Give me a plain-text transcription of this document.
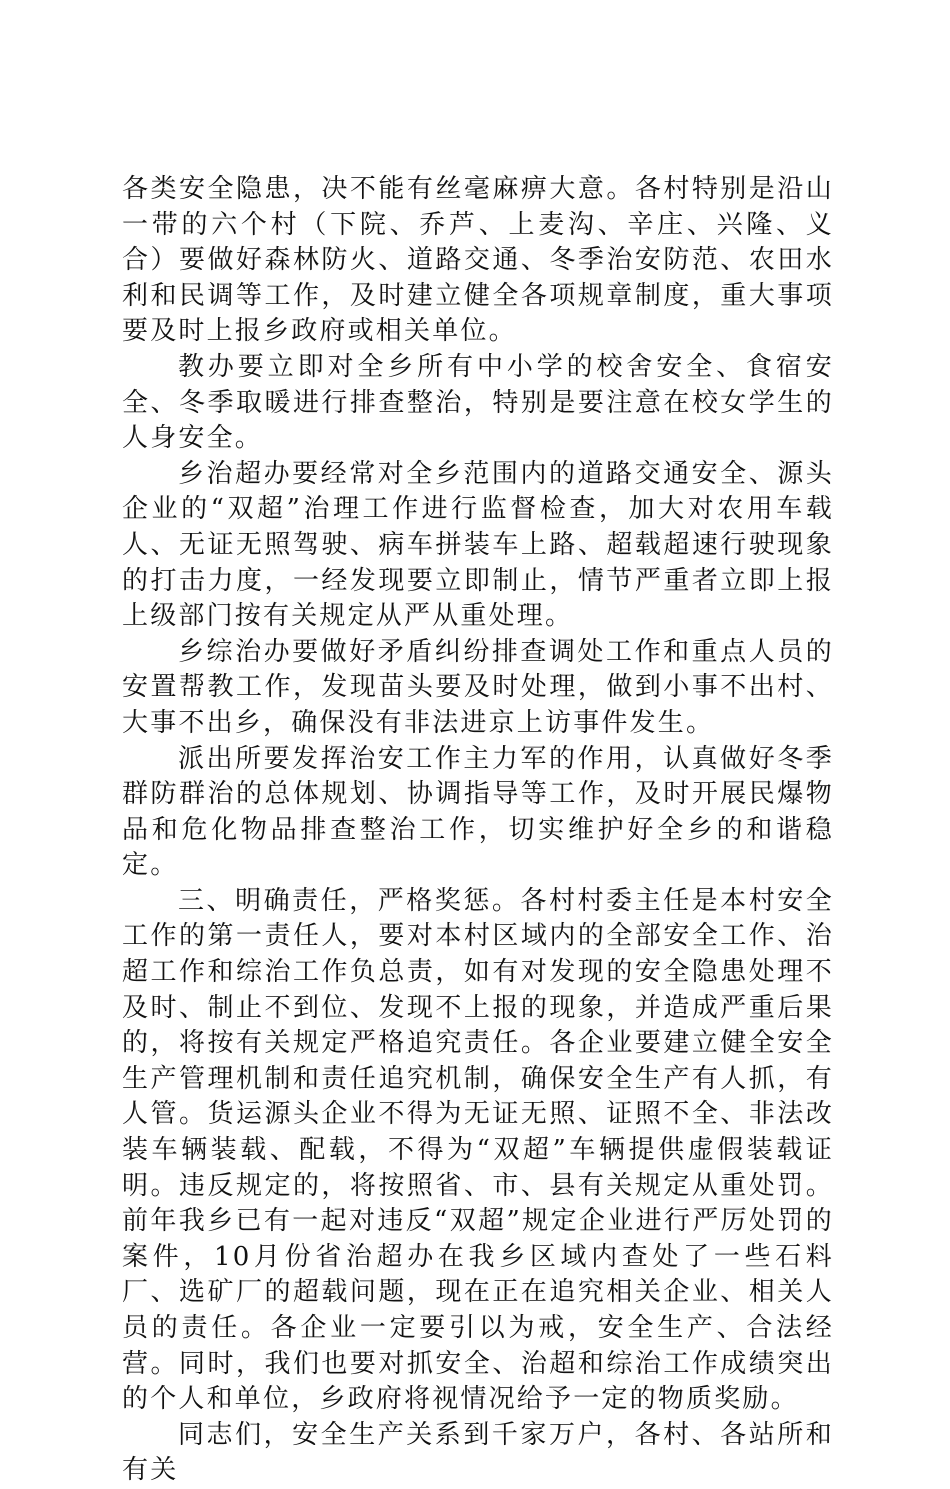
各类安全隐患，决不能有丝毫麻痹大意。各村特别是沿山一带的六个村（下院、乔芦、上麦沟、辛庄、兴隆、义合）要做好森林防火、道路交通、冬季治安防范、农田水利和民调等工作，及时建立健全各项规章制度，重大事项要及时上报乡政府或相关单位。

教办要立即对全乡所有中小学的校舍安全、食宿安全、冬季取暖进行排查整治，特别是要注意在校女学生的人身安全。

乡治超办要经常对全乡范围内的道路交通安全、源头企业的“双超”治理工作进行监督检查，加大对农用车载人、无证无照驾驶、病车拼装车上路、超载超速行驶现象的打击力度，一经发现要立即制止，情节严重者立即上报上级部门按有关规定从严从重处理。

乡综治办要做好矛盾纠纷排查调处工作和重点人员的安置帮教工作，发现苗头要及时处理，做到小事不出村、大事不出乡，确保没有非法进京上访事件发生。

派出所要发挥治安工作主力军的作用，认真做好冬季群防群治的总体规划、协调指导等工作，及时开展民爆物品和危化物品排查整治工作，切实维护好全乡的和谐稳定。

三、明确责任，严格奖惩。各村村委主任是本村安全工作的第一责任人，要对本村区域内的全部安全工作、治超工作和综治工作负总责，如有对发现的安全隐患处理不及时、制止不到位、发现不上报的现象，并造成严重后果的，将按有关规定严格追究责任。各企业要建立健全安全生产管理机制和责任追究机制，确保安全生产有人抓，有人管。货运源头企业不得为无证无照、证照不全、非法改装车辆装载、配载，不得为“双超”车辆提供虚假装载证明。违反规定的，将按照省、市、县有关规定从重处罚。前年我乡已有一起对违反“双超”规定企业进行严厉处罚的案件，10月份省治超办在我乡区域内查处了一些石料厂、选矿厂的超载问题，现在正在追究相关企业、相关人员的责任。各企业一定要引以为戒，安全生产、合法经营。同时，我们也要对抓安全、治超和综治工作成绩突出的个人和单位，乡政府将视情况给予一定的物质奖励。

同志们，安全生产关系到千家万户，各村、各站所和有关
